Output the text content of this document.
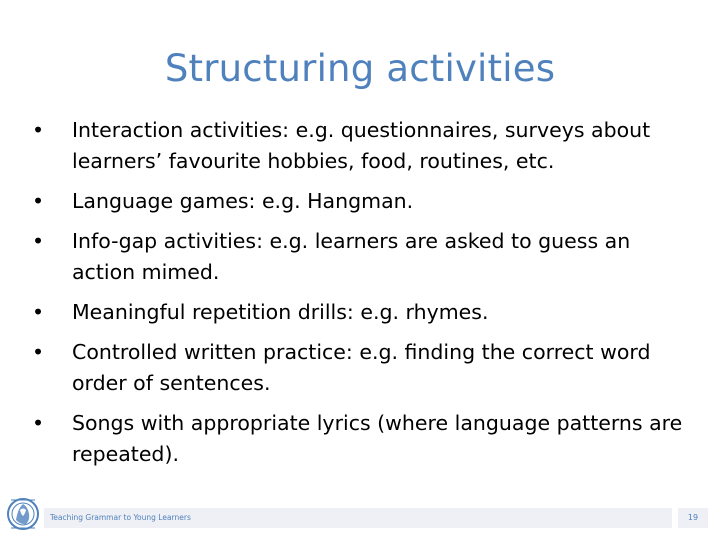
Structuring activities
• Interaction activities: e.g. questionnaires, surveys about learners’ favourite hobbies, food, routines, etc.
• Language games: e.g. Hangman.
• Info-gap activities: e.g. learners are asked to guess an action mimed.
• Meaningful repetition drills: e.g. rhymes.
• Controlled written practice: e.g. finding the correct word order of sentences.
• Songs with appropriate lyrics (where language patterns are repeated).
Teaching Grammar to Young Learners	19
